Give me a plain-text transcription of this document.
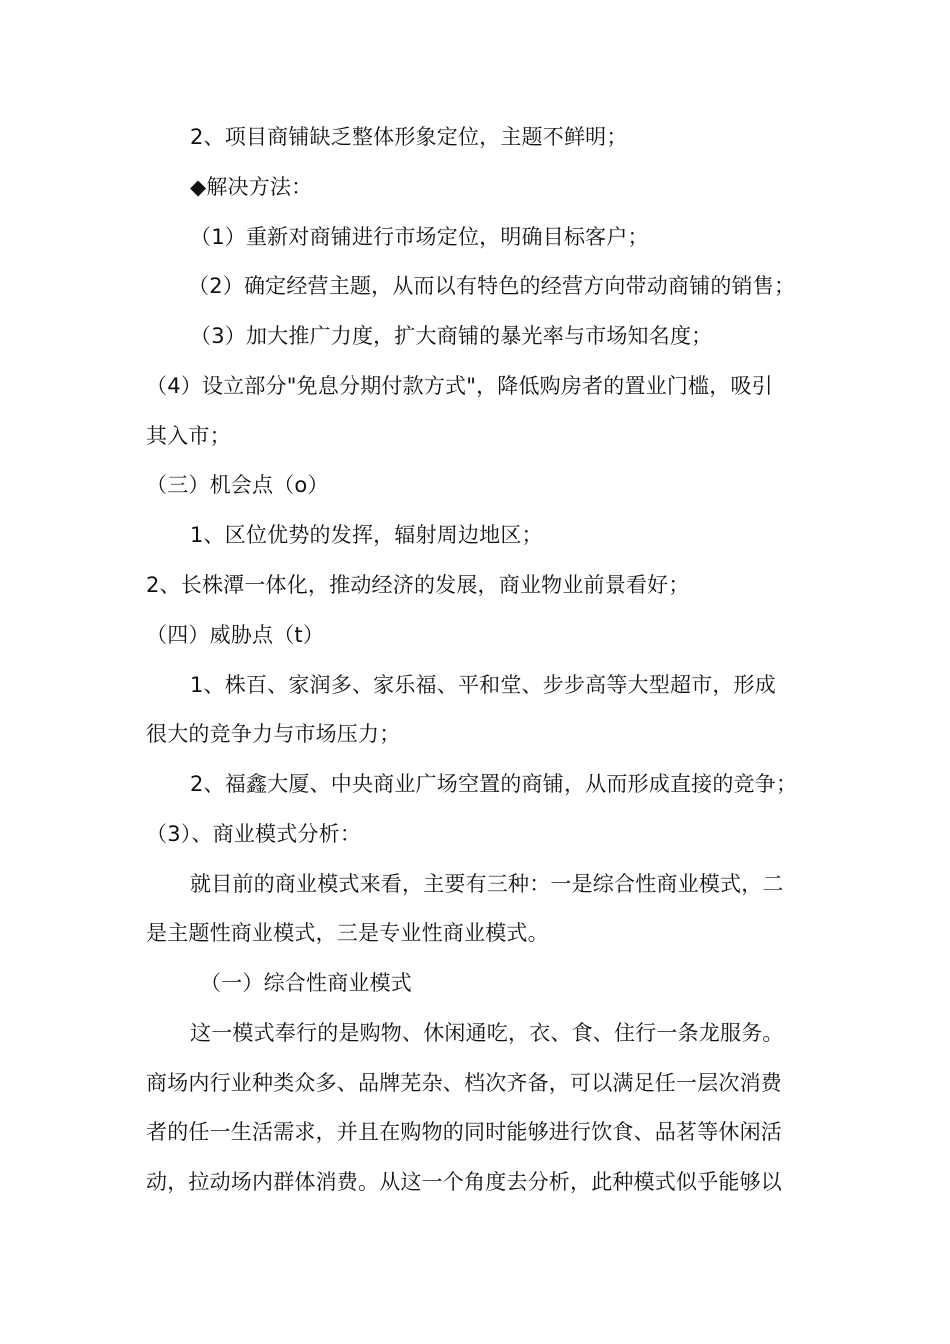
2、项目商铺缺乏整体形象定位，主题不鲜明；
◆解决方法：
（1）重新对商铺进行市场定位，明确目标客户；
（2）确定经营主题，从而以有特色的经营方向带动商铺的销售；
（3）加大推广力度，扩大商铺的暴光率与市场知名度；
（4）设立部分"免息分期付款方式"，降低购房者的置业门槛，吸引
其入市；
（三）机会点（o）
1、区位优势的发挥，辐射周边地区；
2、长株潭一体化，推动经济的发展，商业物业前景看好；
（四）威胁点（t）
1、株百、家润多、家乐福、平和堂、步步高等大型超市，形成
很大的竞争力与市场压力；
2、福鑫大厦、中央商业广场空置的商铺，从而形成直接的竞争；
（3）、商业模式分析：
就目前的商业模式来看，主要有三种：一是综合性商业模式，二
是主题性商业模式，三是专业性商业模式。
（一）综合性商业模式
这一模式奉行的是购物、休闲通吃，衣、食、住行一条龙服务。
商场内行业种类众多、品牌芜杂、档次齐备，可以满足任一层次消费
者的任一生活需求，并且在购物的同时能够进行饮食、品茗等休闲活
动，拉动场内群体消费。从这一个角度去分析，此种模式似乎能够以
